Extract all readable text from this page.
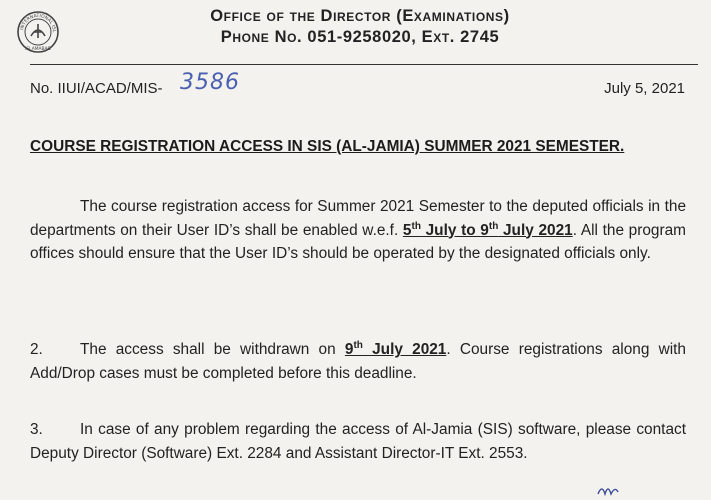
INTERNATIONAL ISL
ISLAMABAD
Office of the Director (Examinations)
Phone No. 051-9258020, Ext. 2745
No. IIUI/ACAD/MIS- 3586	July 5, 2021
COURSE REGISTRATION ACCESS IN SIS (AL-JAMIA) SUMMER 2021 SEMESTER.
The course registration access for Summer 2021 Semester to the deputed officials in the departments on their User ID’s shall be enabled w.e.f. 5th July to 9th July 2021. All the program offices should ensure that the User ID’s should be operated by the designated officials only.
2. The access shall be withdrawn on 9th July 2021. Course registrations along with Add/Drop cases must be completed before this deadline.
3. In case of any problem regarding the access of Al-Jamia (SIS) software, please contact Deputy Director (Software) Ext. 2284 and Assistant Director-IT Ext. 2553.
